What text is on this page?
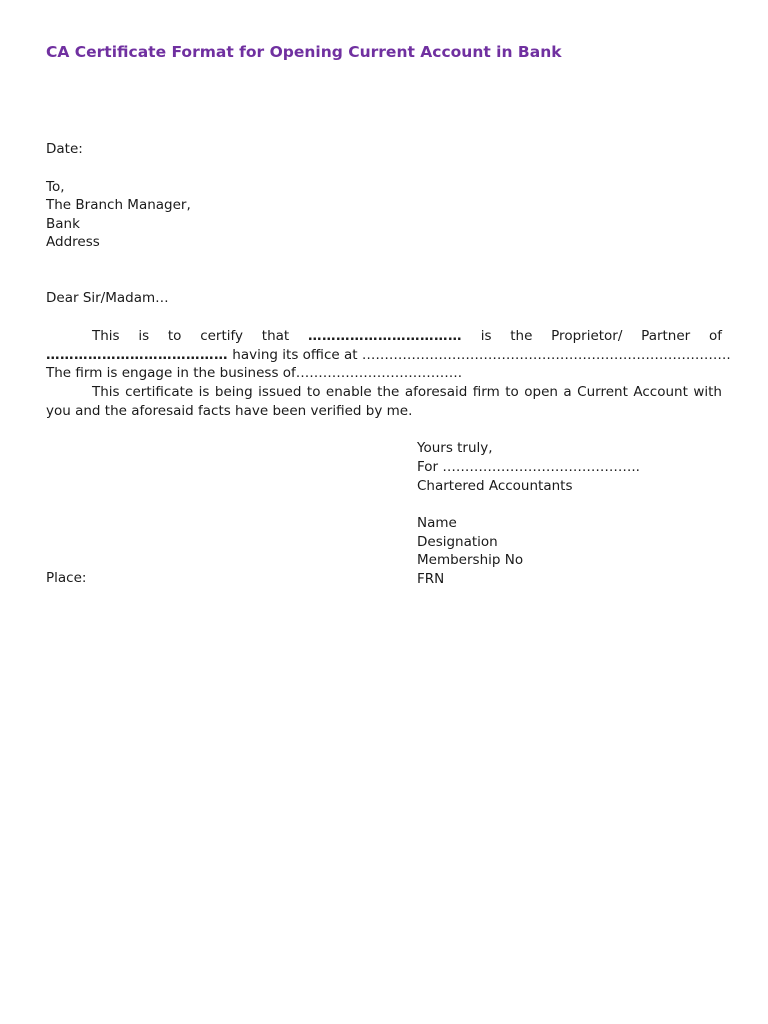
CA Certificate Format for Opening Current Account in Bank
Date:
To,
The Branch Manager,
Bank
Address
Dear Sir/Madam…
This is to certify that …………………………… is the Proprietor/ Partner of
………………………………… having its office at ……………………………………………………………………….
The firm is engage in the business of……………………………….

This certificate is being issued to enable the aforesaid firm to open a Current Account with you and the aforesaid facts have been verified by me.

Yours truly,
For ……………………………………..
Chartered Accountants
Name
Designation
Membership No
FRN
Place:
